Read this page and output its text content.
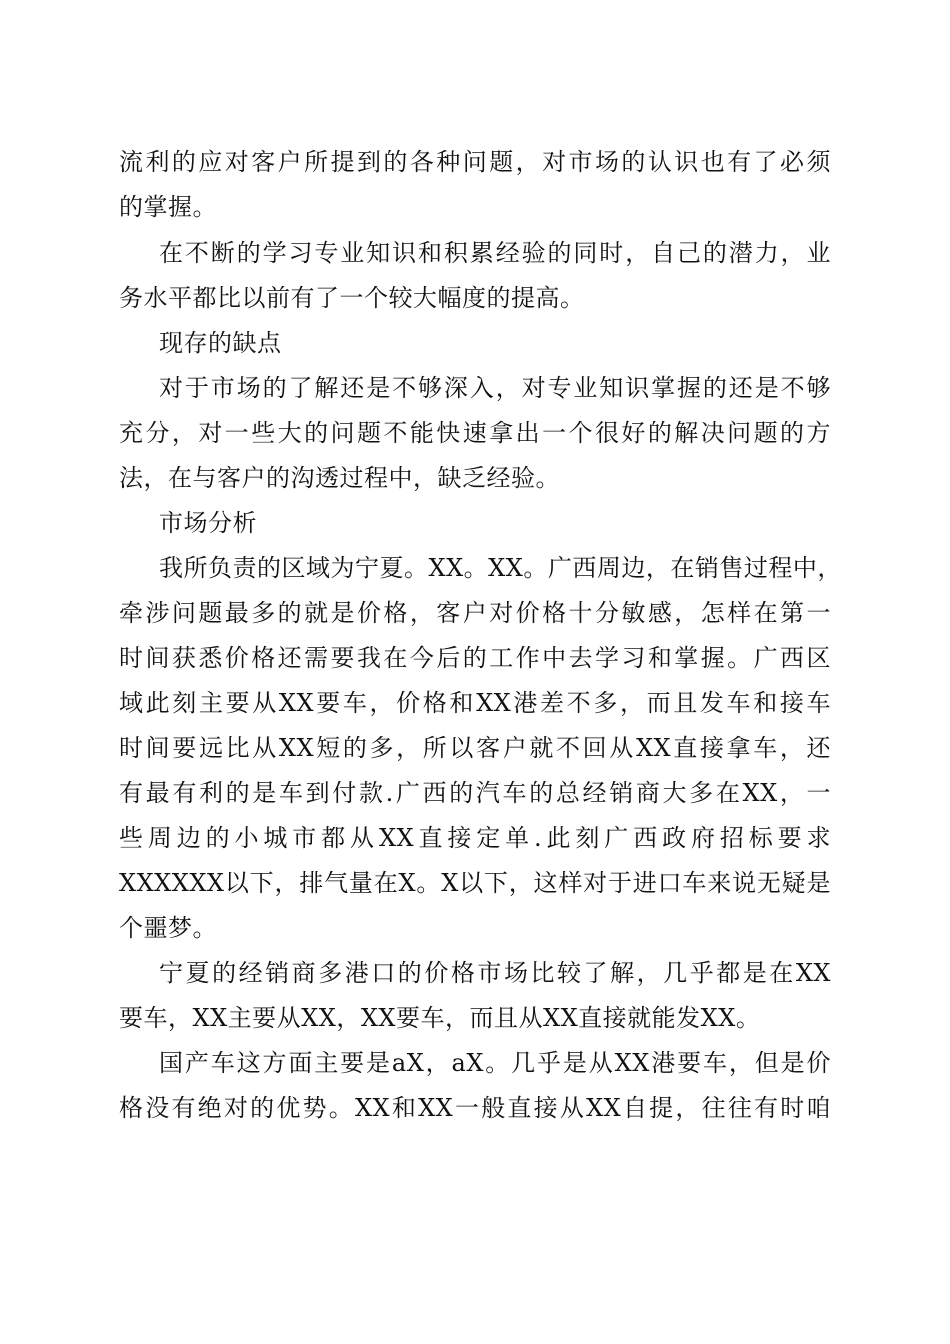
流利的应对客户所提到的各种问题，对市场的认识也有了必须
的掌握。
在不断的学习专业知识和积累经验的同时，自己的潜力，业
务水平都比以前有了一个较大幅度的提高。
现存的缺点
对于市场的了解还是不够深入，对专业知识掌握的还是不够
充分，对一些大的问题不能快速拿出一个很好的解决问题的方
法，在与客户的沟透过程中，缺乏经验。
市场分析
我所负责的区域为宁夏。XX。XX。广西周边，在销售过程中，
牵涉问题最多的就是价格，客户对价格十分敏感，怎样在第一
时间获悉价格还需要我在今后的工作中去学习和掌握。广西区
域此刻主要从XX要车，价格和XX港差不多，而且发车和接车
时间要远比从XX短的多，所以客户就不回从XX直接拿车，还
有最有利的是车到付款.广西的汽车的总经销商大多在XX，一
些周边的小城市都从XX直接定单.此刻广西政府招标要求
XXXXXX以下，排气量在X。X以下，这样对于进口车来说无疑是
个噩梦。
宁夏的经销商多港口的价格市场比较了解，几乎都是在XX
要车，XX主要从XX，XX要车，而且从XX直接就能发XX。
国产车这方面主要是aX，aX。几乎是从XX港要车，但是价
格没有绝对的优势。XX和XX一般直接从XX自提，往往有时咱
